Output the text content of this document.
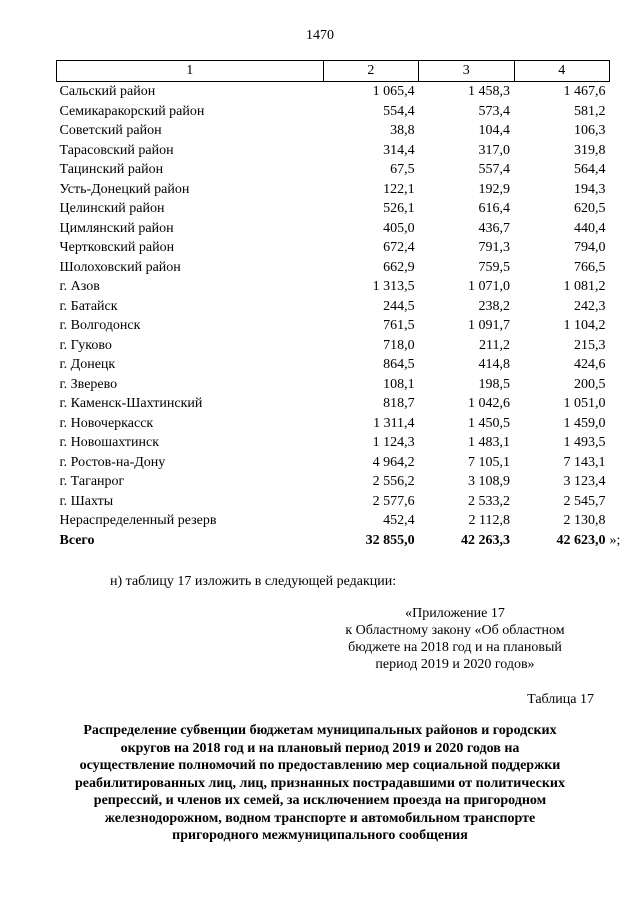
1470
1	2	3	4
Сальский район	1 065,4	1 458,3	1 467,6
Семикаракорский район	554,4	573,4	581,2
Советский район	38,8	104,4	106,3
Тарасовский район	314,4	317,0	319,8
Тацинский район	67,5	557,4	564,4
Усть-Донецкий район	122,1	192,9	194,3
Целинский район	526,1	616,4	620,5
Цимлянский район	405,0	436,7	440,4
Чертковский район	672,4	791,3	794,0
Шолоховский район	662,9	759,5	766,5
г. Азов	1 313,5	1 071,0	1 081,2
г. Батайск	244,5	238,2	242,3
г. Волгодонск	761,5	1 091,7	1 104,2
г. Гуково	718,0	211,2	215,3
г. Донецк	864,5	414,8	424,6
г. Зверево	108,1	198,5	200,5
г. Каменск-Шахтинский	818,7	1 042,6	1 051,0
г. Новочеркасск	1 311,4	1 450,5	1 459,0
г. Новошахтинск	1 124,3	1 483,1	1 493,5
г. Ростов-на-Дону	4 964,2	7 105,1	7 143,1
г. Таганрог	2 556,2	3 108,9	3 123,4
г. Шахты	2 577,6	2 533,2	2 545,7
Нераспределенный резерв	452,4	2 112,8	2 130,8
Всего	32 855,0	42 263,3	42 623,0 »;
н) таблицу 17 изложить в следующей редакции:
«Приложение 17
к Областному закону «Об областном
бюджете на 2018 год и на плановый
период 2019 и 2020 годов»
Таблица 17
Распределение субвенции бюджетам муниципальных районов и городских
округов на 2018 год и на плановый период 2019 и 2020 годов на
осуществление полномочий по предоставлению мер социальной поддержки
реабилитированных лиц, лиц, признанных пострадавшими от политических
репрессий, и членов их семей, за исключением проезда на пригородном
железнодорожном, водном транспорте и автомобильном транспорте
пригородного межмуниципального сообщения
